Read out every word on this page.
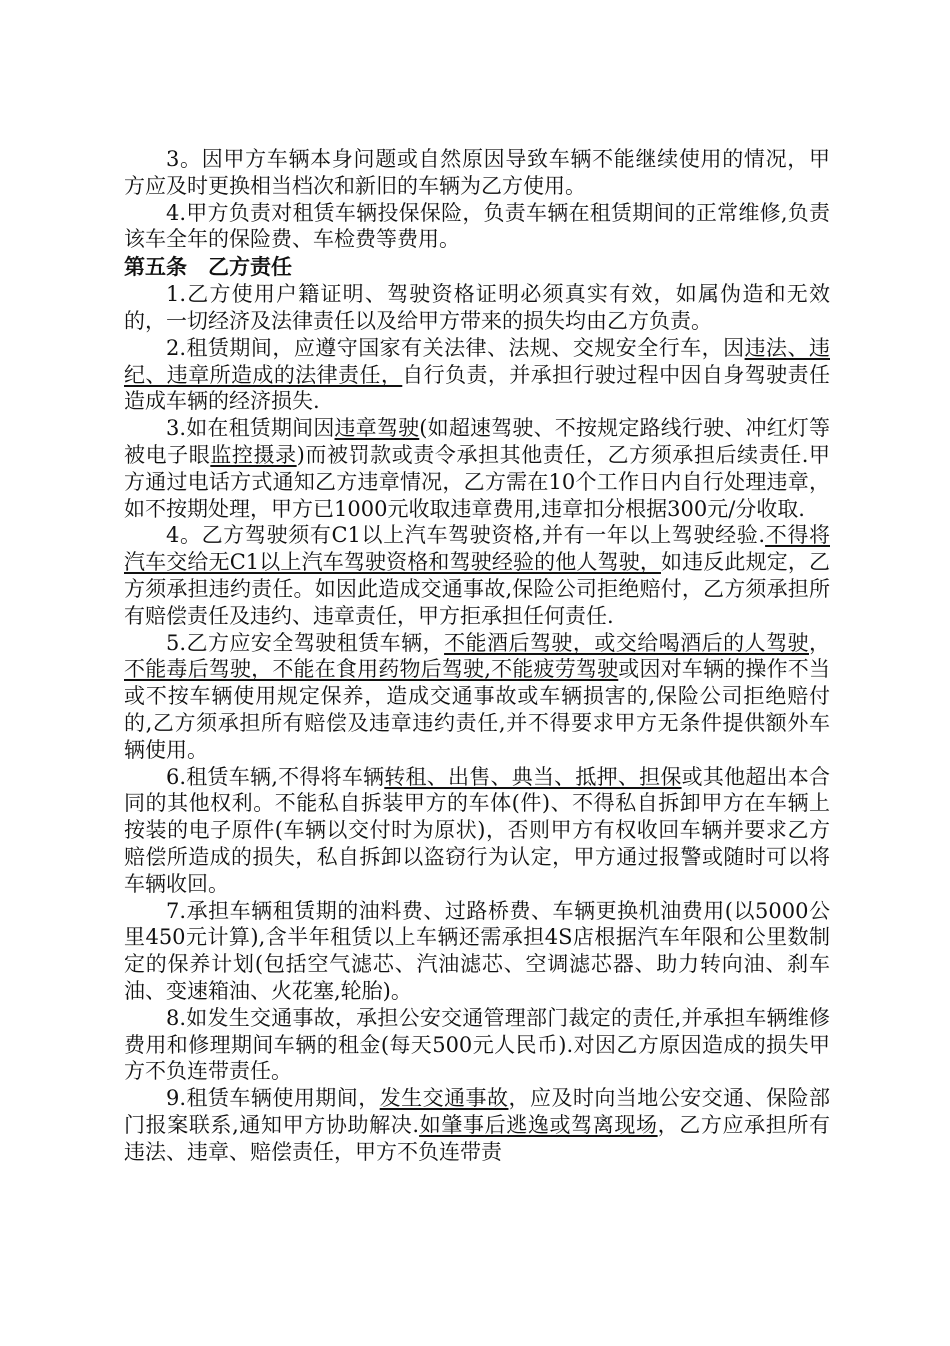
3。因甲方车辆本身问题或自然原因导致车辆不能继续使用的情况，甲方应及时更换相当档次和新旧的车辆为乙方使用。

4.甲方负责对租赁车辆投保保险，负责车辆在租赁期间的正常维修,负责该车全年的保险费、车检费等费用。

第五条　乙方责任

1.乙方使用户籍证明、驾驶资格证明必须真实有效，如属伪造和无效的，一切经济及法律责任以及给甲方带来的损失均由乙方负责。

2.租赁期间，应遵守国家有关法律、法规、交规安全行车，因违法、违纪、违章所造成的法律责任，自行负责，并承担行驶过程中因自身驾驶责任造成车辆的经济损失.

3.如在租赁期间因违章驾驶(如超速驾驶、不按规定路线行驶、冲红灯等被电子眼监控摄录)而被罚款或责令承担其他责任，乙方须承担后续责任.甲方通过电话方式通知乙方违章情况，乙方需在10个工作日内自行处理违章，如不按期处理，甲方已1000元收取违章费用,违章扣分根据300元/分收取.

4。乙方驾驶须有C1以上汽车驾驶资格,并有一年以上驾驶经验.不得将汽车交给无C1以上汽车驾驶资格和驾驶经验的他人驾驶，如违反此规定，乙方须承担违约责任。如因此造成交通事故,保险公司拒绝赔付，乙方须承担所有赔偿责任及违约、违章责任，甲方拒承担任何责任.

5.乙方应安全驾驶租赁车辆，不能酒后驾驶，或交给喝酒后的人驾驶，不能毒后驾驶，不能在食用药物后驾驶,不能疲劳驾驶或因对车辆的操作不当或不按车辆使用规定保养，造成交通事故或车辆损害的,保险公司拒绝赔付的,乙方须承担所有赔偿及违章违约责任,并不得要求甲方无条件提供额外车辆使用。

6.租赁车辆,不得将车辆转租、出售、典当、抵押、担保或其他超出本合同的其他权利。不能私自拆装甲方的车体(件)、不得私自拆卸甲方在车辆上按装的电子原件(车辆以交付时为原状)，否则甲方有权收回车辆并要求乙方赔偿所造成的损失，私自拆卸以盗窃行为认定，甲方通过报警或随时可以将车辆收回。

7.承担车辆租赁期的油料费、过路桥费、车辆更换机油费用(以5000公里450元计算),含半年租赁以上车辆还需承担4S店根据汽车年限和公里数制定的保养计划(包括空气滤芯、汽油滤芯、空调滤芯器、助力转向油、刹车油、变速箱油、火花塞,轮胎)。

8.如发生交通事故，承担公安交通管理部门裁定的责任,并承担车辆维修费用和修理期间车辆的租金(每天500元人民币).对因乙方原因造成的损失甲方不负连带责任。

9.租赁车辆使用期间，发生交通事故，应及时向当地公安交通、保险部门报案联系,通知甲方协助解决.如肇事后逃逸或驾离现场，乙方应承担所有违法、违章、赔偿责任，甲方不负连带责
